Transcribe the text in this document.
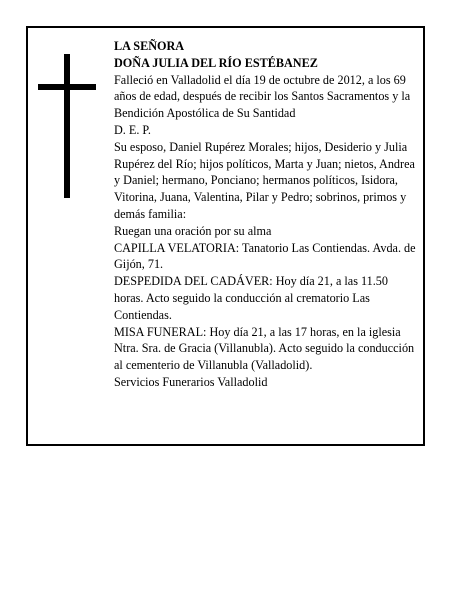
LA SEÑORA

DOÑA JULIA DEL RÍO ESTÉBANEZ

Falleció en Valladolid el día 19 de octubre de 2012, a los 69 años de edad, después de recibir los Santos Sacramentos y la Bendición Apostólica de Su Santidad

D. E. P.

Su esposo, Daniel Rupérez Morales; hijos, Desiderio y Julia Rupérez del Río; hijos políticos, Marta y Juan; nietos, Andrea y Daniel; hermano, Ponciano; hermanos políticos, Isidora, Vitorina, Juana, Valentina, Pilar y Pedro; sobrinos, primos y demás familia:

Ruegan una oración por su alma

CAPILLA VELATORIA: Tanatorio Las Contiendas. Avda. de Gijón, 71.

DESPEDIDA DEL CADÁVER: Hoy día 21, a las 11.50 horas. Acto seguido la conducción al crematorio Las Contiendas.

MISA FUNERAL: Hoy día 21, a las 17 horas, en la iglesia Ntra. Sra. de Gracia (Villanubla). Acto seguido la conducción al cementerio de Villanubla (Valladolid).

Servicios Funerarios Valladolid
